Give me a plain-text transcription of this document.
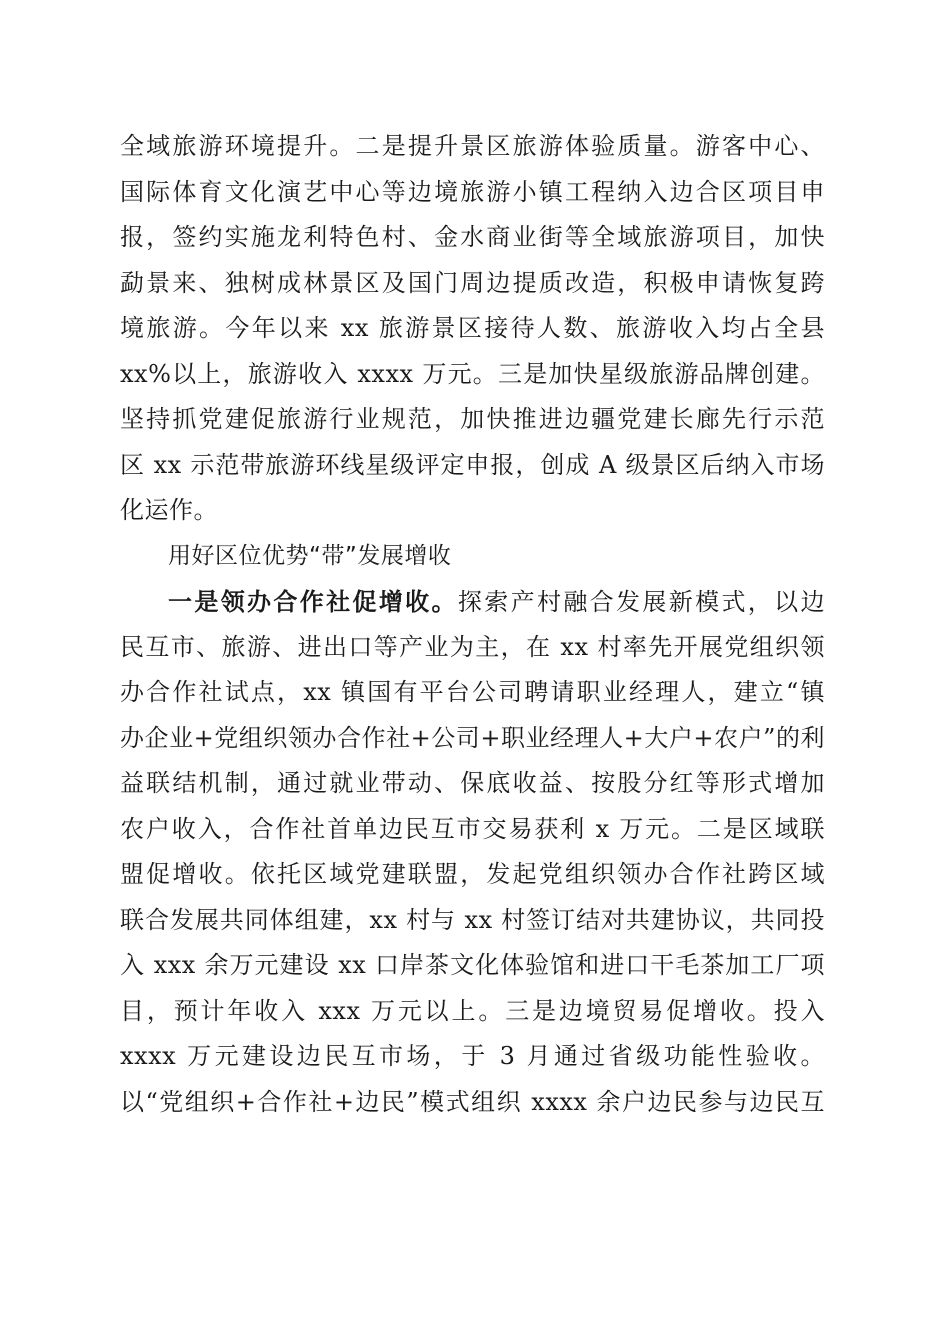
全域旅游环境提升。二是提升景区旅游体验质量。游客中心、
国际体育文化演艺中心等边境旅游小镇工程纳入边合区项目申
报，签约实施龙利特色村、金水商业街等全域旅游项目，加快
勐景来、独树成林景区及国门周边提质改造，积极申请恢复跨
境旅游。今年以来 xx 旅游景区接待人数、旅游收入均占全县
xx%以上，旅游收入 xxxx 万元。三是加快星级旅游品牌创建。
坚持抓党建促旅游行业规范，加快推进边疆党建长廊先行示范
区 xx 示范带旅游环线星级评定申报，创成 A 级景区后纳入市场
化运作。
用好区位优势“带”发展增收
一是领办合作社促增收。探索产村融合发展新模式，以边
民互市、旅游、进出口等产业为主，在 xx 村率先开展党组织领
办合作社试点，xx 镇国有平台公司聘请职业经理人，建立“镇
办企业+党组织领办合作社+公司+职业经理人+大户+农户”的利
益联结机制，通过就业带动、保底收益、按股分红等形式增加
农户收入，合作社首单边民互市交易获利 x 万元。二是区域联
盟促增收。依托区域党建联盟，发起党组织领办合作社跨区域
联合发展共同体组建，xx 村与 xx 村签订结对共建协议，共同投
入 xxx 余万元建设 xx 口岸茶文化体验馆和进口干毛茶加工厂项
目，预计年收入 xxx 万元以上。三是边境贸易促增收。投入
xxxx 万元建设边民互市场，于 3 月通过省级功能性验收。
以“党组织+合作社+边民”模式组织 xxxx 余户边民参与边民互
